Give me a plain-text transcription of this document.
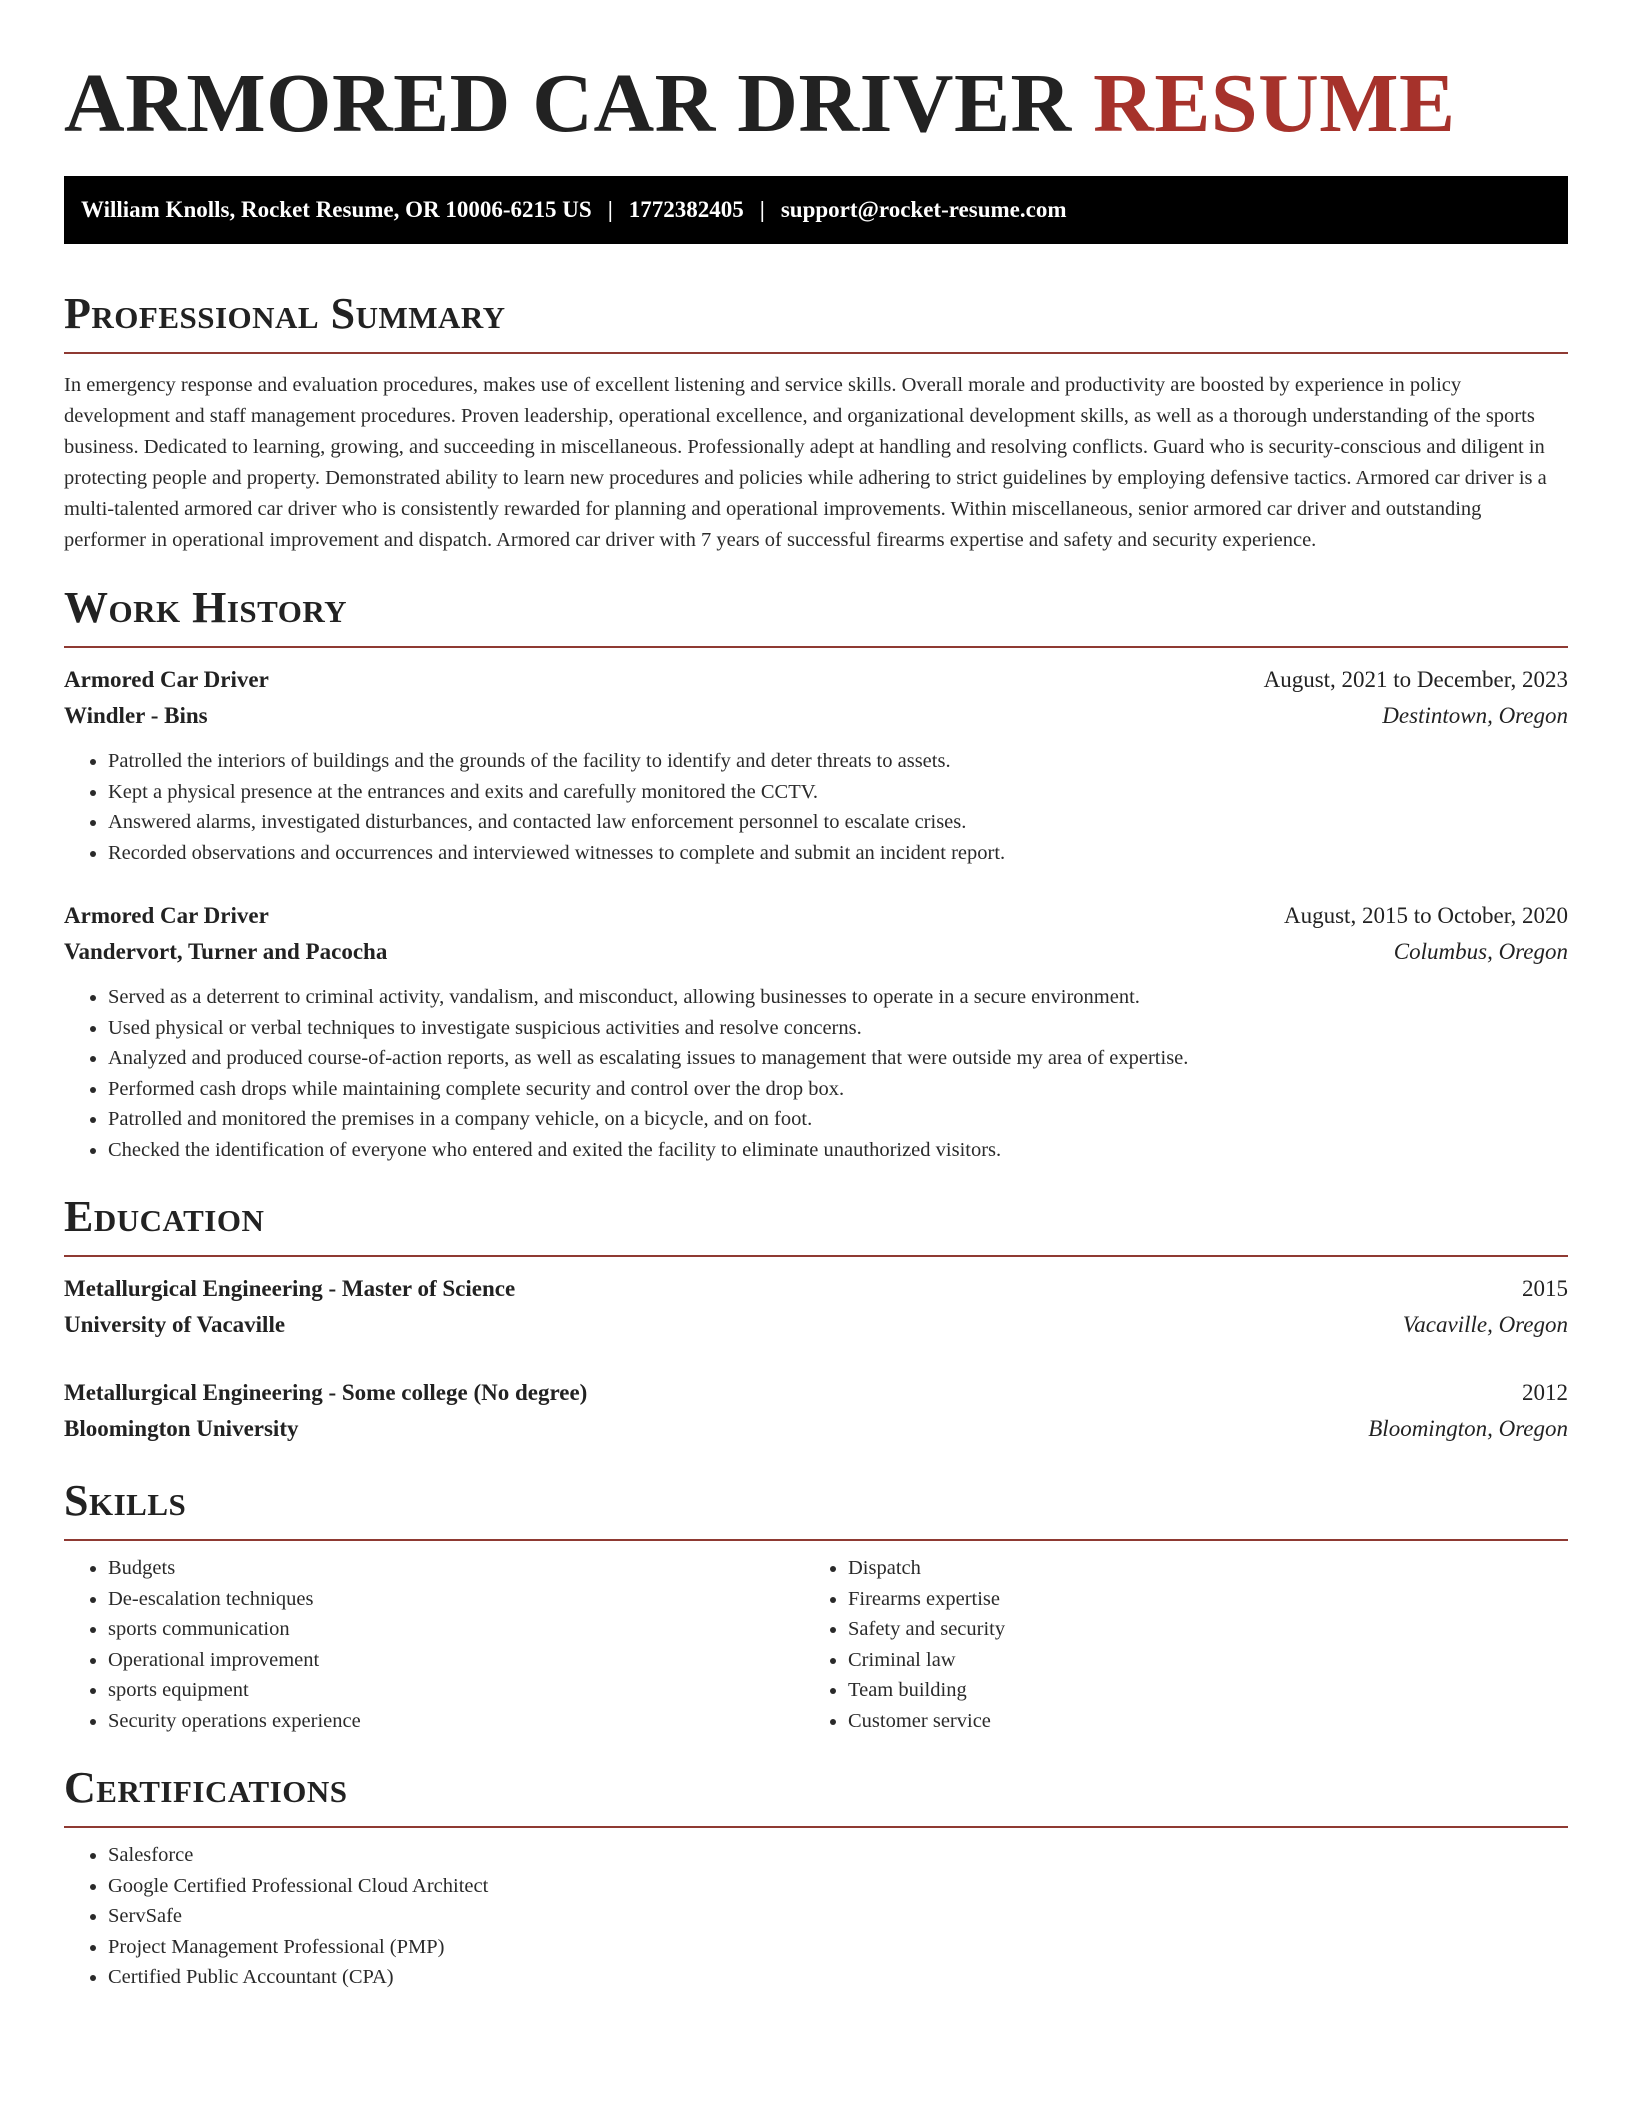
ARMORED CAR DRIVER RESUME
William Knolls, Rocket Resume, OR 10006-6215 US | 1772382405 | support@rocket-resume.com
Professional Summary

In emergency response and evaluation procedures, makes use of excellent listening and service skills. Overall morale and productivity are boosted by experience in policy development and staff management procedures. Proven leadership, operational excellence, and organizational development skills, as well as a thorough understanding of the sports business. Dedicated to learning, growing, and succeeding in miscellaneous. Professionally adept at handling and resolving conflicts. Guard who is security-conscious and diligent in protecting people and property. Demonstrated ability to learn new procedures and policies while adhering to strict guidelines by employing defensive tactics. Armored car driver is a multi-talented armored car driver who is consistently rewarded for planning and operational improvements. Within miscellaneous, senior armored car driver and outstanding performer in operational improvement and dispatch. Armored car driver with 7 years of successful firearms expertise and safety and security experience.

Work History
Armored Car Driver	August, 2021 to December, 2023
Windler - Bins	Destintown, Oregon
• Patrolled the interiors of buildings and the grounds of the facility to identify and deter threats to assets.
• Kept a physical presence at the entrances and exits and carefully monitored the CCTV.
• Answered alarms, investigated disturbances, and contacted law enforcement personnel to escalate crises.
• Recorded observations and occurrences and interviewed witnesses to complete and submit an incident report.
Armored Car Driver	August, 2015 to October, 2020
Vandervort, Turner and Pacocha	Columbus, Oregon
• Served as a deterrent to criminal activity, vandalism, and misconduct, allowing businesses to operate in a secure environment.
• Used physical or verbal techniques to investigate suspicious activities and resolve concerns.
• Analyzed and produced course-of-action reports, as well as escalating issues to management that were outside my area of expertise.
• Performed cash drops while maintaining complete security and control over the drop box.
• Patrolled and monitored the premises in a company vehicle, on a bicycle, and on foot.
• Checked the identification of everyone who entered and exited the facility to eliminate unauthorized visitors.
Education
Metallurgical Engineering - Master of Science	2015
University of Vacaville	Vacaville, Oregon
Metallurgical Engineering - Some college (No degree)	2012
Bloomington University	Bloomington, Oregon
Skills
• Budgets
• De-escalation techniques
• sports communication
• Operational improvement
• sports equipment
• Security operations experience
• Dispatch
• Firearms expertise
• Safety and security
• Criminal law
• Team building
• Customer service
Certifications
• Salesforce
• Google Certified Professional Cloud Architect
• ServSafe
• Project Management Professional (PMP)
• Certified Public Accountant (CPA)
